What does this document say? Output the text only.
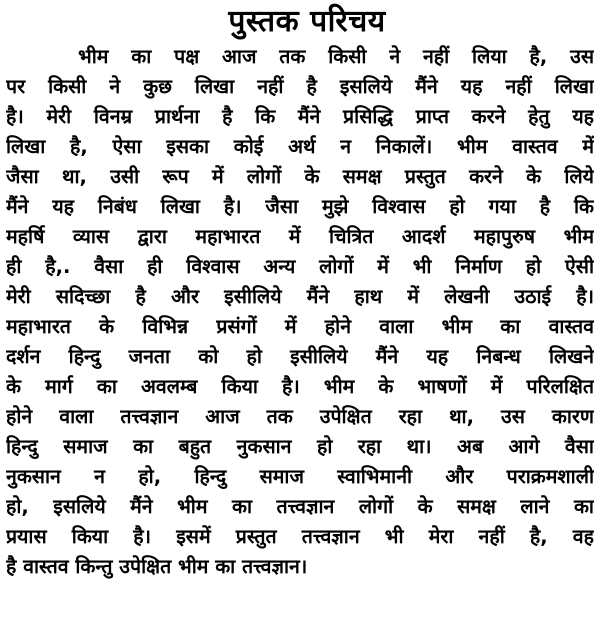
पुस्तक परिचय
भीम का पक्ष आज तक किसी ने नहीं लिया है, उस
पर किसी ने कुछ लिखा नहीं है इसलिये मैंने यह नहीं लिखा
है। मेरी विनम्र प्रार्थना है कि मैंने प्रसिद्धि प्राप्त करने हेतु यह
लिखा है, ऐसा इसका कोई अर्थ न निकालें। भीम वास्तव में
जैसा था, उसी रूप में लोगों के समक्ष प्रस्तुत करने के लिये
मैंने यह निबंध लिखा है। जैसा मुझे विश्वास हो गया है कि
महर्षि व्यास द्वारा महाभारत में चित्रित आदर्श महापुरुष भीम
ही है,. वैसा ही विश्वास अन्य लोगों में भी निर्माण हो ऐसी
मेरी सदिच्छा है और इसीलिये मैंने हाथ में लेखनी उठाई है।
महाभारत के विभिन्न प्रसंगों में होने वाला भीम का वास्तव
दर्शन हिन्दु जनता को हो इसीलिये मैंने यह निबन्ध लिखने
के मार्ग का अवलम्ब किया है। भीम के भाषणों में परिलक्षित
होने वाला तत्त्वज्ञान आज तक उपेक्षित रहा था, उस कारण
हिन्दु समाज का बहुत नुकसान हो रहा था। अब आगे वैसा
नुकसान न हो, हिन्दु समाज स्वाभिमानी और पराक्रमशाली
हो, इसलिये मैंने भीम का तत्त्वज्ञान लोगों के समक्ष लाने का
प्रयास किया है। इसमें प्रस्तुत तत्त्वज्ञान भी मेरा नहीं है, वह
है वास्तव किन्तु उपेक्षित भीम का तत्त्वज्ञान।
